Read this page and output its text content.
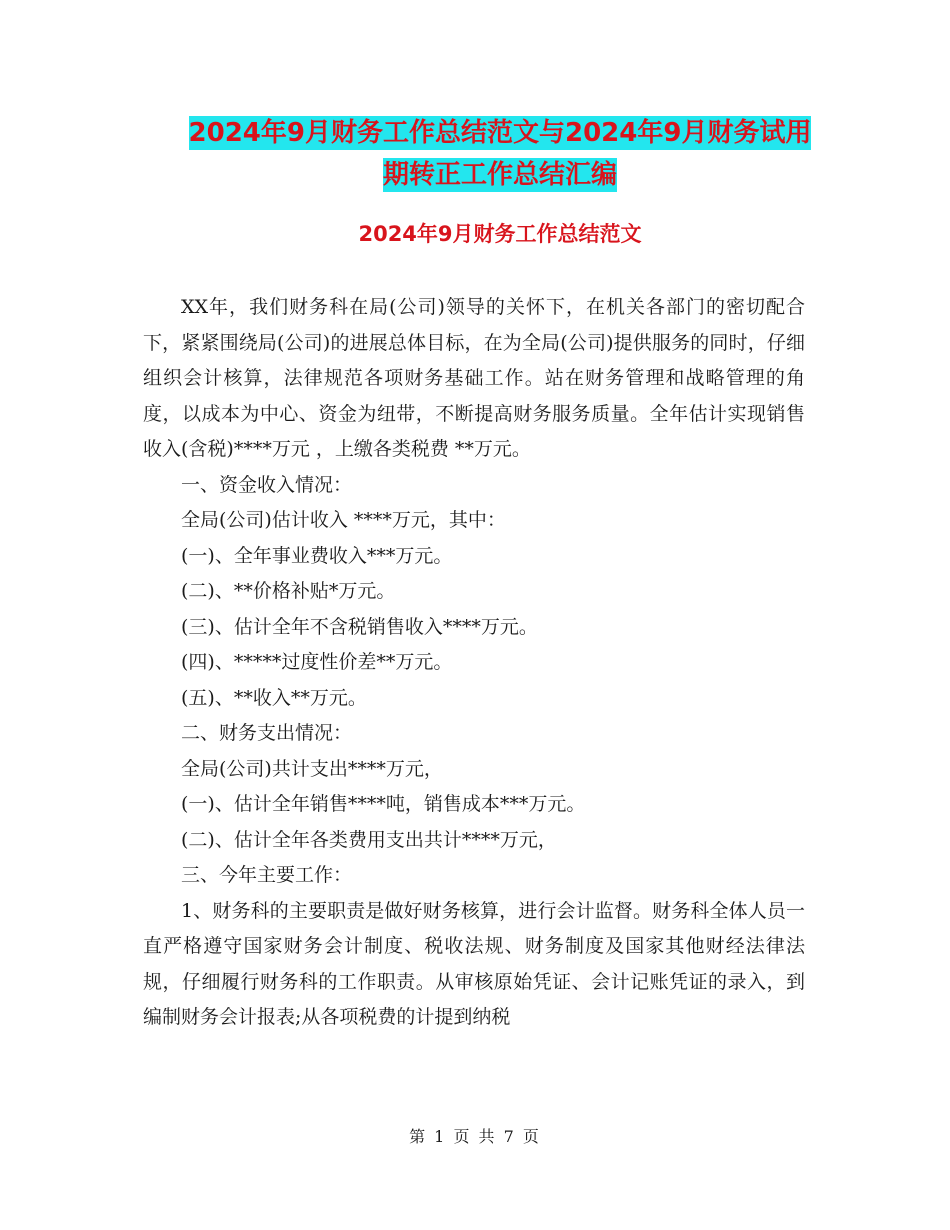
2024年9月财务工作总结范文与2024年9月财务试用
期转正工作总结汇编
2024年9月财务工作总结范文

XX年，我们财务科在局(公司)领导的关怀下，在机关各部门的密切配合下，紧紧围绕局(公司)的进展总体目标，在为全局(公司)提供服务的同时，仔细组织会计核算，法律规范各项财务基础工作。站在财务管理和战略管理的角度，以成本为中心、资金为纽带，不断提高财务服务质量。全年估计实现销售收入(含税)****万元 ，上缴各类税费 **万元。

一、资金收入情况：

全局(公司)估计收入 ****万元，其中：

(一)、全年事业费收入***万元。

(二)、**价格补贴*万元。

(三)、估计全年不含税销售收入****万元。

(四)、*****过度性价差**万元。

(五)、**收入**万元。

二、财务支出情况：

全局(公司)共计支出****万元，

(一)、估计全年销售****吨，销售成本***万元。

(二)、估计全年各类费用支出共计****万元，

三、今年主要工作：

1、财务科的主要职责是做好财务核算，进行会计监督。财务科全体人员一直严格遵守国家财务会计制度、税收法规、财务制度及国家其他财经法律法规，仔细履行财务科的工作职责。从审核原始凭证、会计记账凭证的录入，到编制财务会计报表;从各项税费的计提到纳税

第 1 页 共 7 页
